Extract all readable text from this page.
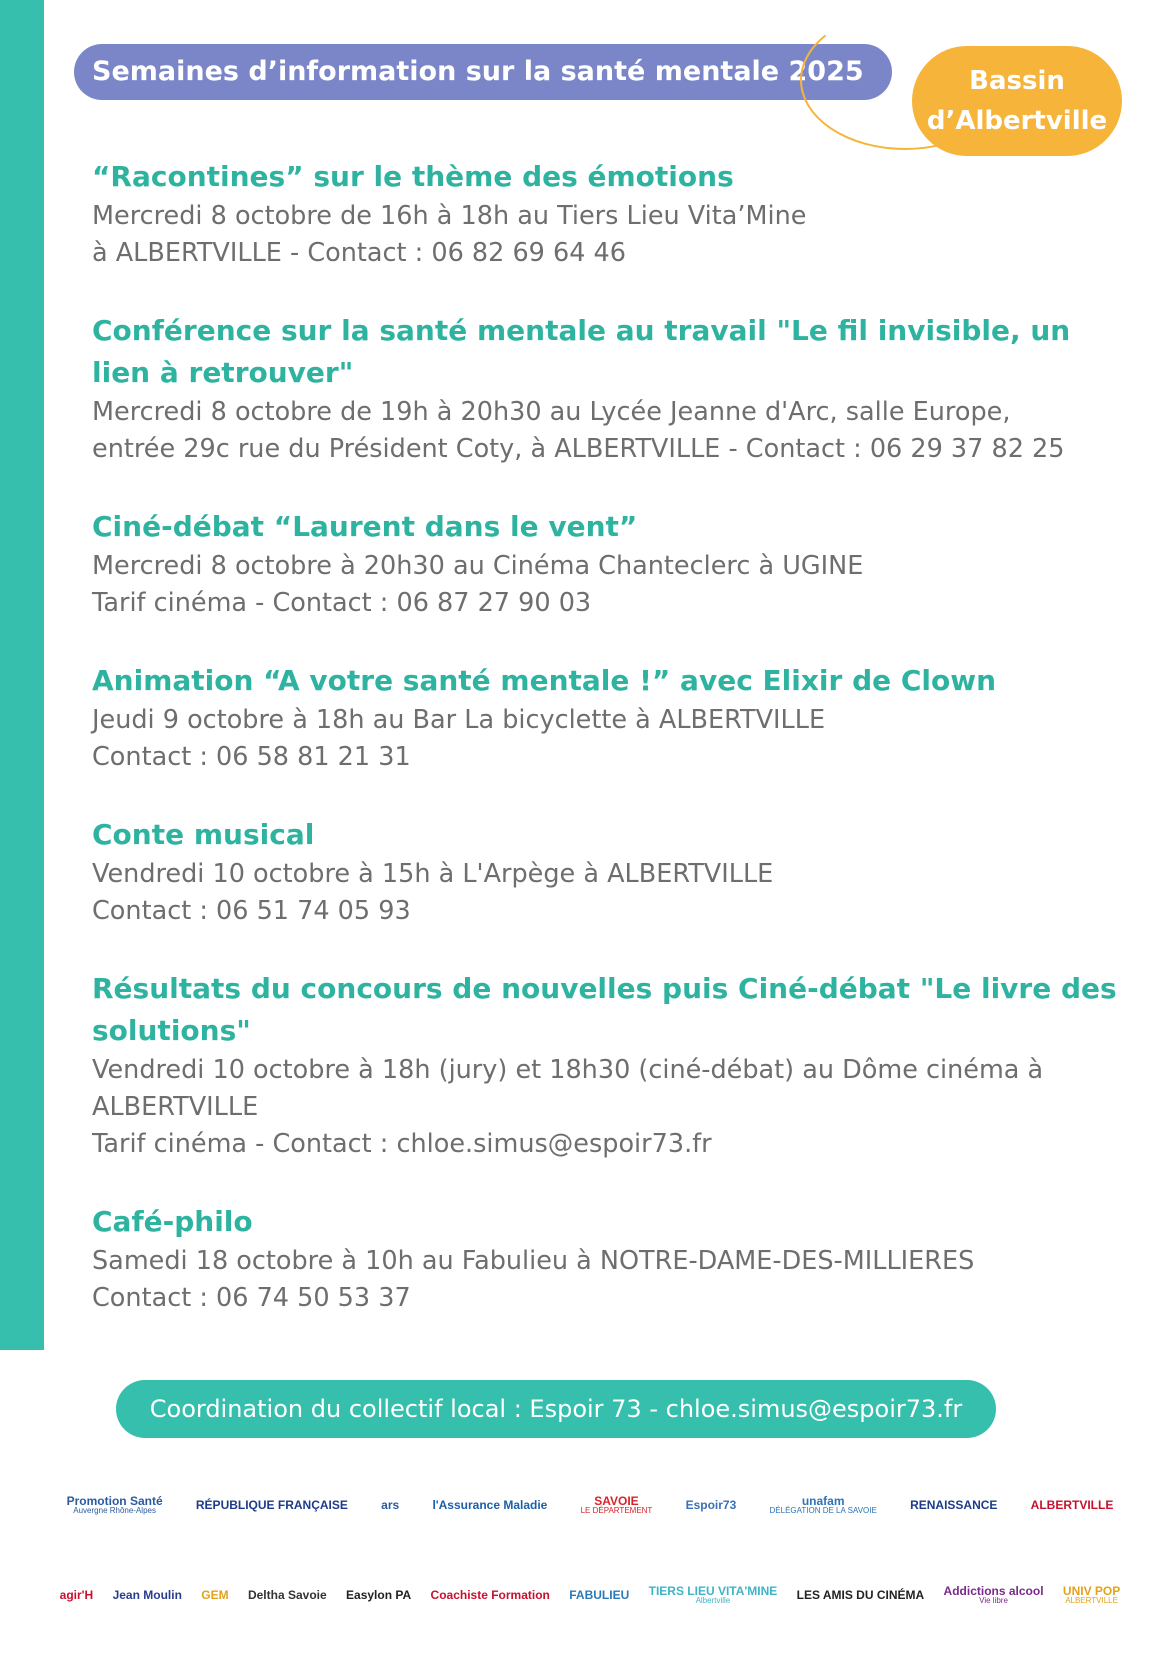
Semaines d’information sur la santé mentale 2025	Bassin
d’Albertville

“Racontines” sur le thème des émotions

Mercredi 8 octobre de 16h à 18h au Tiers Lieu Vita’Mine

à ALBERTVILLE - Contact : 06 82 69 64 46

Conférence sur la santé mentale au travail "Le fil invisible, un lien à retrouver"

Mercredi 8 octobre de 19h à 20h30 au Lycée Jeanne d'Arc, salle Europe,

entrée 29c rue du Président Coty, à ALBERTVILLE - Contact : 06 29 37 82 25

Ciné-débat “Laurent dans le vent”

Mercredi 8 octobre à 20h30 au Cinéma Chanteclerc à UGINE

Tarif cinéma - Contact : 06 87 27 90 03

Animation “A votre santé mentale !” avec Elixir de Clown

Jeudi 9 octobre à 18h au Bar La bicyclette à ALBERTVILLE

Contact : 06 58 81 21 31

Conte musical

Vendredi 10 octobre à 15h à L'Arpège à ALBERTVILLE

Contact : 06 51 74 05 93

Résultats du concours de nouvelles puis Ciné-débat "Le livre des solutions"

Vendredi 10 octobre à 18h (jury) et 18h30 (ciné-débat) au Dôme cinéma à

ALBERTVILLE

Tarif cinéma - Contact : chloe.simus@espoir73.fr

Café-philo

Samedi 18 octobre à 10h au Fabulieu à NOTRE-DAME-DES-MILLIERES

Contact : 06 74 50 53 37

Coordination du collectif local : Espoir 73 - chloe.simus@espoir73.fr
Promotion Santé
Auvergne Rhône-Alpes	RÉPUBLIQUE FRANÇAISE	ars	l'Assurance Maladie	SAVOIE
LE DÉPARTEMENT	Espoir73	unafam
DÉLÉGATION DE LA SAVOIE	RENAISSANCE	ALBERTVILLE
agir'H Jean Moulin GEM Deltha Savoie Easylon PA Coachiste Formation FABULIEU TIERS LIEU VITA'MINE
Albertville	LES AMIS DU CINÉMA Addictions alcool
Vie libre
UNIV POP
ALBERTVILLE
